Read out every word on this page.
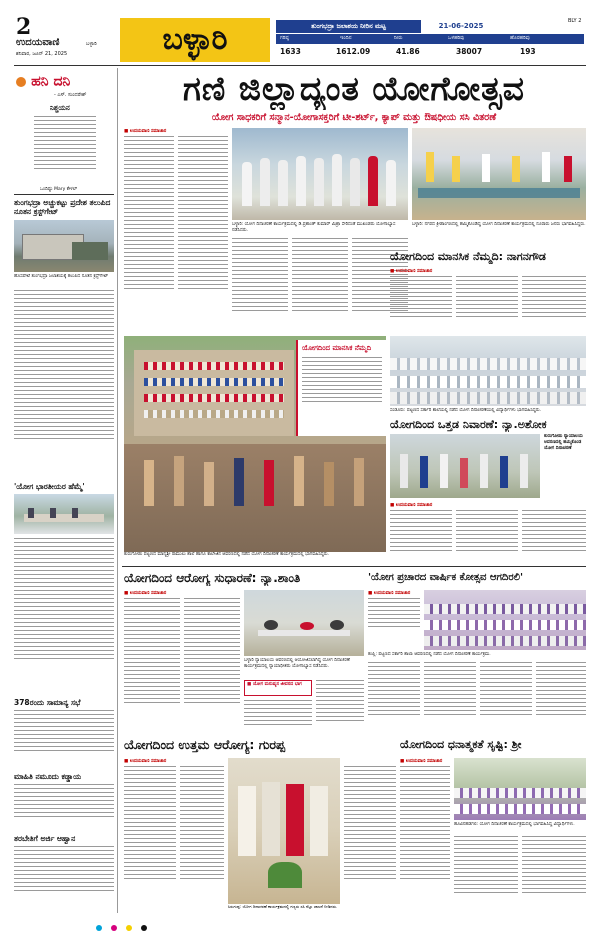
2
ಉದಯವಾಣಿ	ಬಳ್ಳಾರಿ
ಶನಿವಾರ, ಜೂನ್ 21, 2025	ಬಳ್ಳಾರಿ
BLY 2
ತುಂಗಭದ್ರಾ ಜಲಾಶಯ ನೀರಿನ ಮಟ್ಟ	21-06-2025
ಗರಿಷ್ಠ	ಇಂದಿನ	ನೀರು	ಒಳಹರಿವು	ಹೊರಹರಿವು
1633	1612.09	41.86	38007	193
ಹನಿ ದನಿ
- ಎಸ್. ಸುಂದರೇಶ್
ನಿಶ್ಚಯನ
ಒಂದಿಷ್ಟು Mary ಕೇಳಲ್
ತುಂಗಭದ್ರಾ ಅಚ್ಚುಕಟ್ಟು ಪ್ರದೇಶ ತಲುಪಿದ ನೂತನ ಕ್ರಸ್ಟ್‌ಗೇಟ್
ಹೊಸಪೇಟೆ ತುಂಗಭದ್ರಾ ಜಲಾಶಯಕ್ಕೆ ತಲುಪಿದ ನೂತನ ಕ್ರಸ್ಟ್‌ಗೇಟ್
'ಯೋಗ ಭಾರತೀಯರ ಹೆಮ್ಮೆ'
378ರಂದು ಸಾಮಾನ್ಯ ಸಭೆ
ಮಾಹಿತಿ ನಮೂದು ಕಡ್ಡಾಯ
ತರಬೇತಿಗೆ ಅರ್ಜಿ ಆಹ್ವಾನ
ಗಣಿ ಜಿಲ್ಲಾದ್ಯಂತ ಯೋಗೋತ್ಸವ
ಯೋಗ ಸಾಧಕರಿಗೆ ಸನ್ಮಾನ-ಯೋಗಾಸಕ್ತರಿಗೆ ಟೀ-ಶರ್ಟ್, ಕ್ಯಾಪ್ ಮತ್ತು ಔಷಧೀಯ ಸಸಿ ವಿತರಣೆ
■ ಉದಯವಾಣಿ ಸಮಾಚಾರ
ಬಳ್ಳಾರಿ: ಯೋಗ ದಿನಾಚರಣೆ ಕಾರ್ಯಕ್ರಮದಲ್ಲಿ ಡಿ.ಪ್ರಶಾಂತ್ ಕುಮಾರ್ ಮಿಶ್ರಾ ಸೇರಿದಂತೆ ಮುಖಂಡರು ಯೋಗಾಭ್ಯಾಸ ನಡೆಸಿದರು.
ಬಳ್ಳಾರಿ: ನಗರದ ಕ್ರೀಡಾಂಗಣದಲ್ಲಿ ಹಮ್ಮಿಕೊಂಡಿದ್ದ ಯೋಗ ದಿನಾಚರಣೆ ಕಾರ್ಯಕ್ರಮದಲ್ಲಿ ನೂರಾರು ಜನರು ಭಾಗವಹಿಸಿದ್ದರು.
ಕುರುಗೋಡು ಪಟ್ಟಣದ ಮಾನ್ಯಶ್ರೀ ರಾಮುಲು ಶಾಲೆ ಹಾಗೂ ಕಾಲೇಜಿನ ಆವರಣದಲ್ಲಿ ನಡೆದ ಯೋಗ ದಿನಾಚರಣೆ ಕಾರ್ಯಕ್ರಮದಲ್ಲಿ ಭಾಗವಹಿಸಿದ್ದರು.
ಯೋಗದಿಂದ ಮಾನಸಿಕ ನೆಮ್ಮದಿ
ಯೋಗದಿಂದ ಮಾನಸಿಕ ನೆಮ್ಮದಿ: ನಾಗನಗೌಡ
■ ಉದಯವಾಣಿ ಸಮಾಚಾರ
ಸಂಡೂರು: ಪಟ್ಟಣದ ಸರ್ಕಾರಿ ಶಾಲೆಯಲ್ಲಿ ನಡೆದ ಯೋಗ ದಿನಾಚರಣೆಯಲ್ಲಿ ವಿದ್ಯಾರ್ಥಿಗಳು ಭಾಗವಹಿಸಿದ್ದರು.
ಯೋಗದಿಂದ ಒತ್ತಡ ನಿವಾರಣೆ: ನ್ಯಾ.ಅಶೋಕ
ಕುರುಗೋಡು ನ್ಯಾಯಾಲಯ ಆವರಣದಲ್ಲಿ ಹಮ್ಮಿಕೊಂಡ ಯೋಗ ದಿನಾಚರಣೆ
■ ಉದಯವಾಣಿ ಸಮಾಚಾರ
ಯೋಗದಿಂದ ಆರೋಗ್ಯ ಸುಧಾರಣೆ: ನ್ಯಾ.ಶಾಂತಿ
■ ಉದಯವಾಣಿ ಸಮಾಚಾರ
ಬಳ್ಳಾರಿ ನ್ಯಾಯಾಲಯ ಆವರಣದಲ್ಲಿ ಆಯೋಜಿಸಲಾಗಿದ್ದ ಯೋಗ ದಿನಾಚರಣೆ ಕಾರ್ಯಕ್ರಮದಲ್ಲಿ ನ್ಯಾಯಾಧೀಶರು ಯೋಗಾಭ್ಯಾಸ ನಡೆಸಿದರು.
■ ಯೋಗ ಮನುಷ್ಯನ ಜೀವನದ ಭಾಗ
'ಯೋಗ ಪ್ರಚಾರದ ವಾರ್ಷಿಕ ಕೋತ್ಸವ ಆಗದಿರಲಿ'
■ ಉದಯವಾಣಿ ಸಮಾಚಾರ
ಕಂಪ್ಲಿ: ಪಟ್ಟಣದ ಸರ್ಕಾರಿ ಶಾಲಾ ಆವರಣದಲ್ಲಿ ನಡೆದ ಯೋಗ ದಿನಾಚರಣೆ ಕಾರ್ಯಕ್ರಮ.
ಯೋಗದಿಂದ ಉತ್ತಮ ಆರೋಗ್ಯ: ಗುರಪ್ಪ
■ ಉದಯವಾಣಿ ಸಮಾಚಾರ
ಸಿರುಗುಪ್ಪ: ಯೋಗ ದಿನಾಚರಣೆ ಕಾರ್ಯಕ್ರಮದಲ್ಲಿ ಗಣ್ಯರು ಸಸಿ ನೆಟ್ಟು ಚಾಲನೆ ನೀಡಿದರು.
ಯೋಗದಿಂದ ಧನಾತ್ಮಕತೆ ಸೃಷ್ಟಿ: ಶ್ರೀ
■ ಉದಯವಾಣಿ ಸಮಾಚಾರ
ಹೂವಿನಹಡಗಲಿ: ಯೋಗ ದಿನಾಚರಣೆ ಕಾರ್ಯಕ್ರಮದಲ್ಲಿ ಭಾಗವಹಿಸಿದ್ದ ವಿದ್ಯಾರ್ಥಿಗಳು.
